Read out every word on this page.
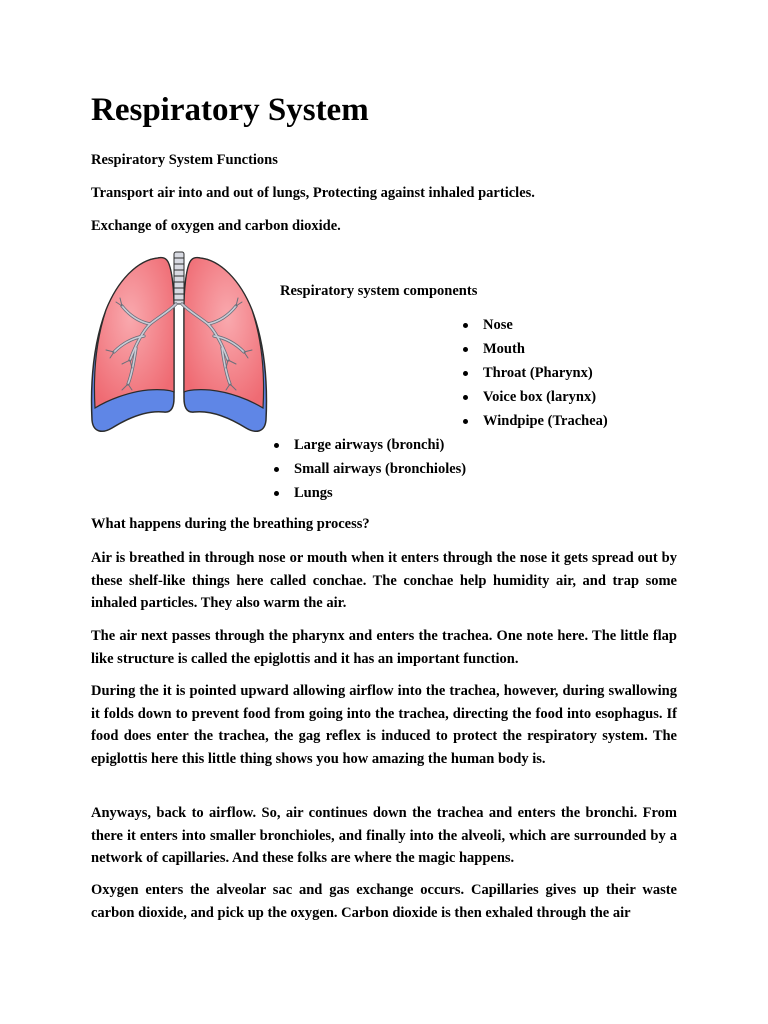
Respiratory System

Respiratory System Functions

Transport air into and out of lungs, Protecting against inhaled particles.

Exchange of oxygen and carbon dioxide.

Respiratory system components

Nose
Mouth
Throat (Pharynx)
Voice box (larynx)
Windpipe (Trachea)
Large airways (bronchi)
Small airways (bronchioles)
Lungs

What happens during the breathing process?

Air is breathed in through nose or mouth when it enters through the nose it gets spread out by these shelf-like things here called conchae. The conchae help humidity air, and trap some inhaled particles. They also warm the air.

The air next passes through the pharynx and enters the trachea. One note here. The little flap like structure is called the epiglottis and it has an important function.

During the it is pointed upward allowing airflow into the trachea, however, during swallowing it folds down to prevent food from going into the trachea, directing the food into esophagus. If food does enter the trachea, the gag reflex is induced to protect the respiratory system. The epiglottis here this little thing shows you how amazing the human body is.

Anyways, back to airflow. So, air continues down the trachea and enters the bronchi. From there it enters into smaller bronchioles, and finally into the alveoli, which are surrounded by a network of capillaries. And these folks are where the magic happens.

Oxygen enters the alveolar sac and gas exchange occurs. Capillaries gives up their waste carbon dioxide, and pick up the oxygen. Carbon dioxide is then exhaled through the air
